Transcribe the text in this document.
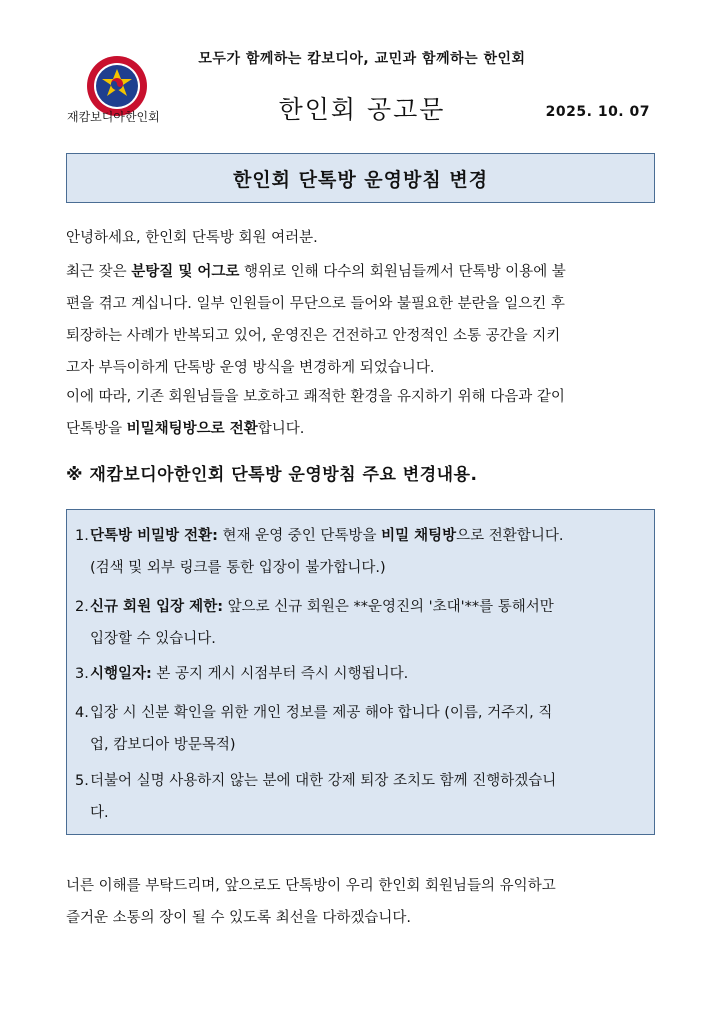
모두가 함께하는 캄보디아, 교민과 함께하는 한인회
재캄보디아한인회	한인회 공고문	2025. 10. 07
한인회 단톡방 운영방침 변경
안녕하세요, 한인회 단톡방 회원 여러분.
최근 잦은 분탕질 및 어그로 행위로 인해 다수의 회원님들께서 단톡방 이용에 불
편을 겪고 계십니다. 일부 인원들이 무단으로 들어와 불필요한 분란을 일으킨 후
퇴장하는 사례가 반복되고 있어, 운영진은 건전하고 안정적인 소통 공간을 지키
고자 부득이하게 단톡방 운영 방식을 변경하게 되었습니다.
이에 따라, 기존 회원님들을 보호하고 쾌적한 환경을 유지하기 위해 다음과 같이
단톡방을 비밀채팅방으로 전환합니다.
※ 재캄보디아한인회 단톡방 운영방침 주요 변경내용.
1. 단톡방 비밀방 전환: 현재 운영 중인 단톡방을 비밀 채팅방으로 전환합니다.
(검색 및 외부 링크를 통한 입장이 불가합니다.)
2. 신규 회원 입장 제한: 앞으로 신규 회원은 **운영진의 '초대'**를 통해서만
입장할 수 있습니다.
3. 시행일자: 본 공지 게시 시점부터 즉시 시행됩니다.
4. 입장 시 신분 확인을 위한 개인 정보를 제공 해야 합니다 (이름, 거주지, 직
업, 캄보디아 방문목적)
5. 더불어 실명 사용하지 않는 분에 대한 강제 퇴장 조치도 함께 진행하겠습니
다.
너른 이해를 부탁드리며, 앞으로도 단톡방이 우리 한인회 회원님들의 유익하고
즐거운 소통의 장이 될 수 있도록 최선을 다하겠습니다.
